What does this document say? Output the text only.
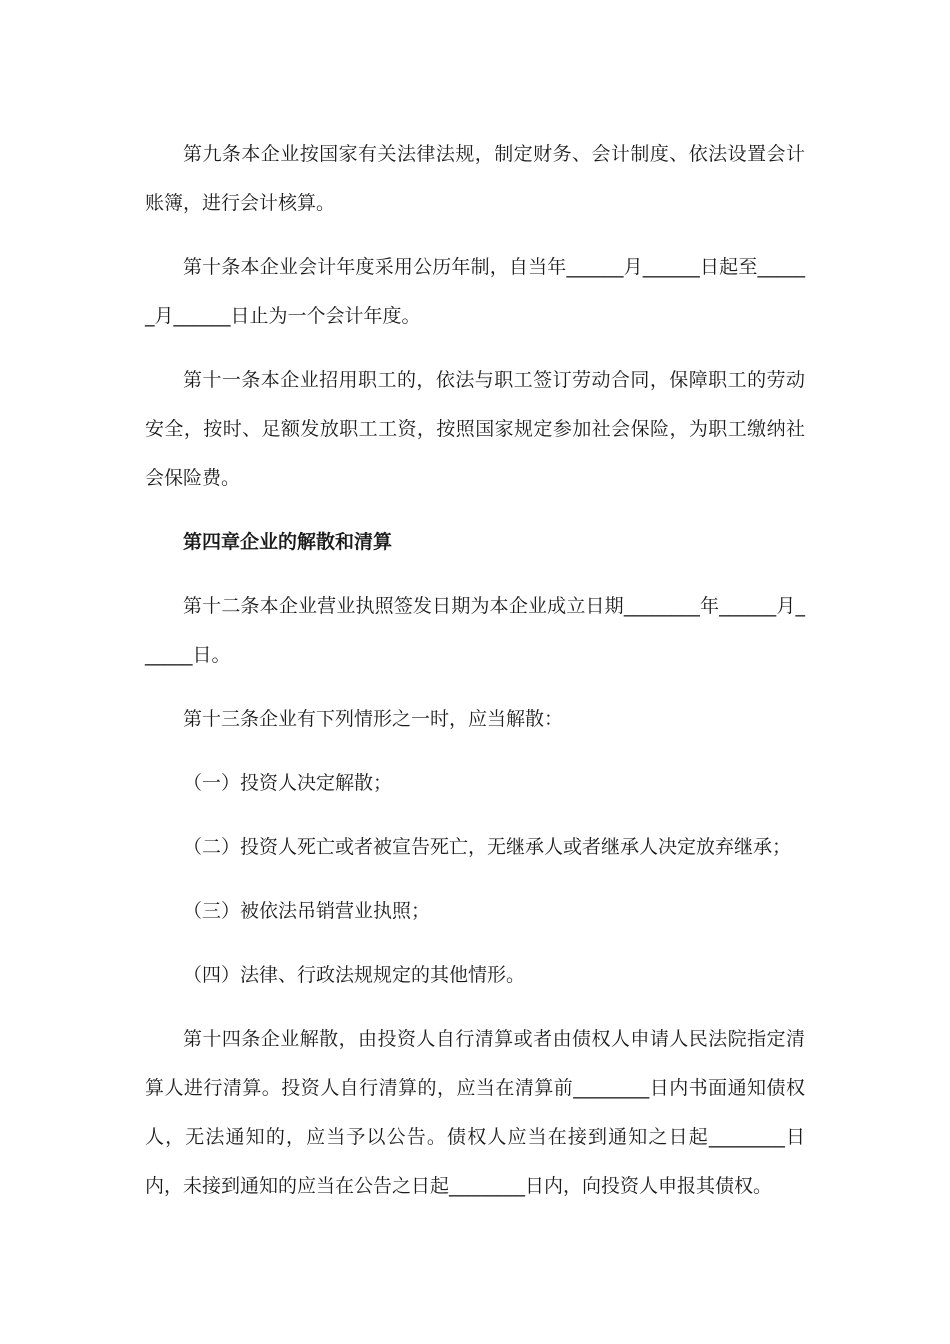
第九条本企业按国家有关法律法规，制定财务、会计制度、依法设置会计账簿，进行会计核算。

第十条本企业会计年度采用公历年制，自当年______月______日起至______月______日止为一个会计年度。

第十一条本企业招用职工的，依法与职工签订劳动合同，保障职工的劳动安全，按时、足额发放职工工资，按照国家规定参加社会保险，为职工缴纳社会保险费。

第四章企业的解散和清算

第十二条本企业营业执照签发日期为本企业成立日期________年______月______日。

第十三条企业有下列情形之一时，应当解散：

（一）投资人决定解散；

（二）投资人死亡或者被宣告死亡，无继承人或者继承人决定放弃继承；

（三）被依法吊销营业执照；

（四）法律、行政法规规定的其他情形。

第十四条企业解散，由投资人自行清算或者由债权人申请人民法院指定清算人进行清算。投资人自行清算的，应当在清算前________日内书面通知债权人，无法通知的，应当予以公告。债权人应当在接到通知之日起________日内，未接到通知的应当在公告之日起________日内，向投资人申报其债权。
